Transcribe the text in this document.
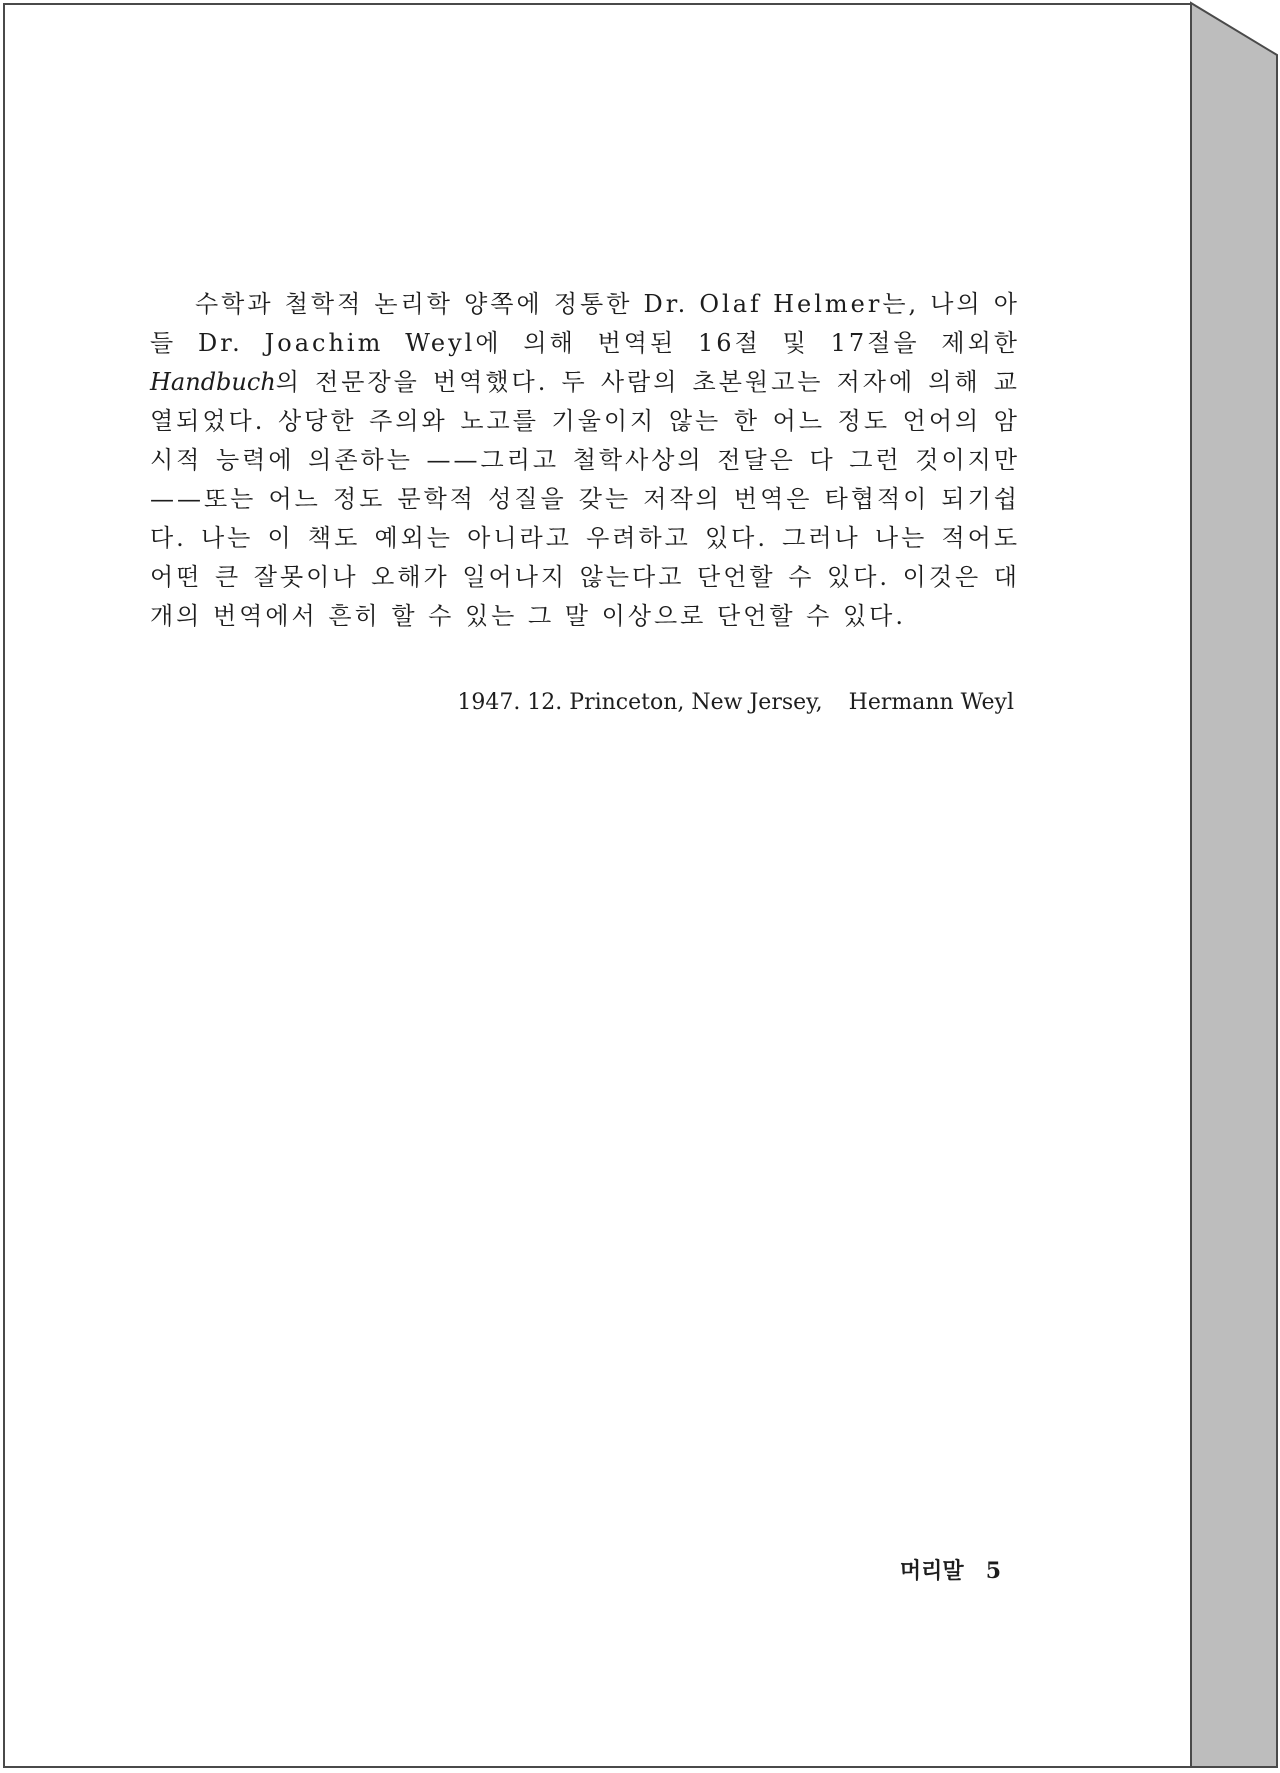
수학과 철학적 논리학 양쪽에 정통한 Dr. Olaf Helmer는, 나의 아들 Dr. Joachim Weyl에 의해 번역된 16절 및 17절을 제외한 Handbuch의 전문장을 번역했다. 두 사람의 초본원고는 저자에 의해 교열되었다. 상당한 주의와 노고를 기울이지 않는 한 어느 정도 언어의 암시적 능력에 의존하는 ——그리고 철학사상의 전달은 다 그런 것이지만——또는 어느 정도 문학적 성질을 갖는 저작의 번역은 타협적이 되기쉽다. 나는 이 책도 예외는 아니라고 우려하고 있다. 그러나 나는 적어도 어떤 큰 잘못이나 오해가 일어나지 않는다고 단언할 수 있다. 이것은 대개의 번역에서 흔히 할 수 있는 그 말 이상으로 단언할 수 있다.

1947. 12. Princeton, New Jersey, Hermann Weyl
머리말 5
